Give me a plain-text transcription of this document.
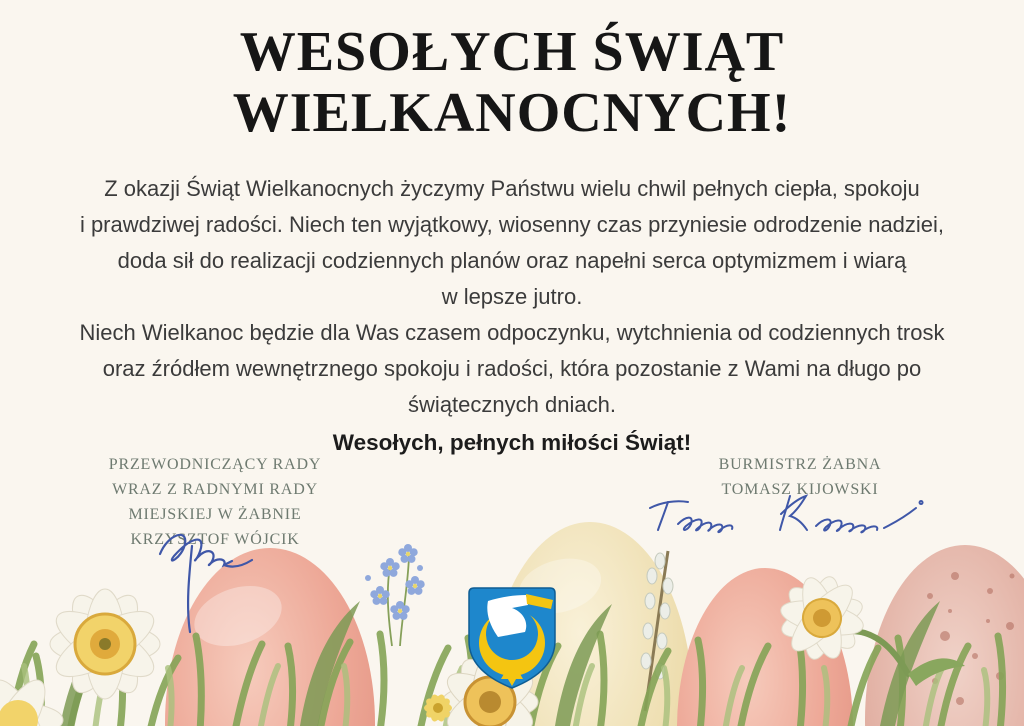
WESOŁYCH ŚWIĄT
WIELKANOCNYCH!
Z okazji Świąt Wielkanocnych życzymy Państwu wielu chwil pełnych ciepła, spokoju
i prawdziwej radości. Niech ten wyjątkowy, wiosenny czas przyniesie odrodzenie nadziei,
doda sił do realizacji codziennych planów oraz napełni serca optymizmem i wiarą
w lepsze jutro.
Niech Wielkanoc będzie dla Was czasem odpoczynku, wytchnienia od codziennych trosk
oraz źródłem wewnętrznego spokoju i radości, która pozostanie z Wami na długo po
świątecznych dniach.
Wesołych, pełnych miłości Świąt!
PRZEWODNICZĄCY RADY
WRAZ Z RADNYMI RADY
MIEJSKIEJ W ŻABNIE
KRZYSZTOF WÓJCIK
BURMISTRZ ŻABNA
TOMASZ KIJOWSKI
